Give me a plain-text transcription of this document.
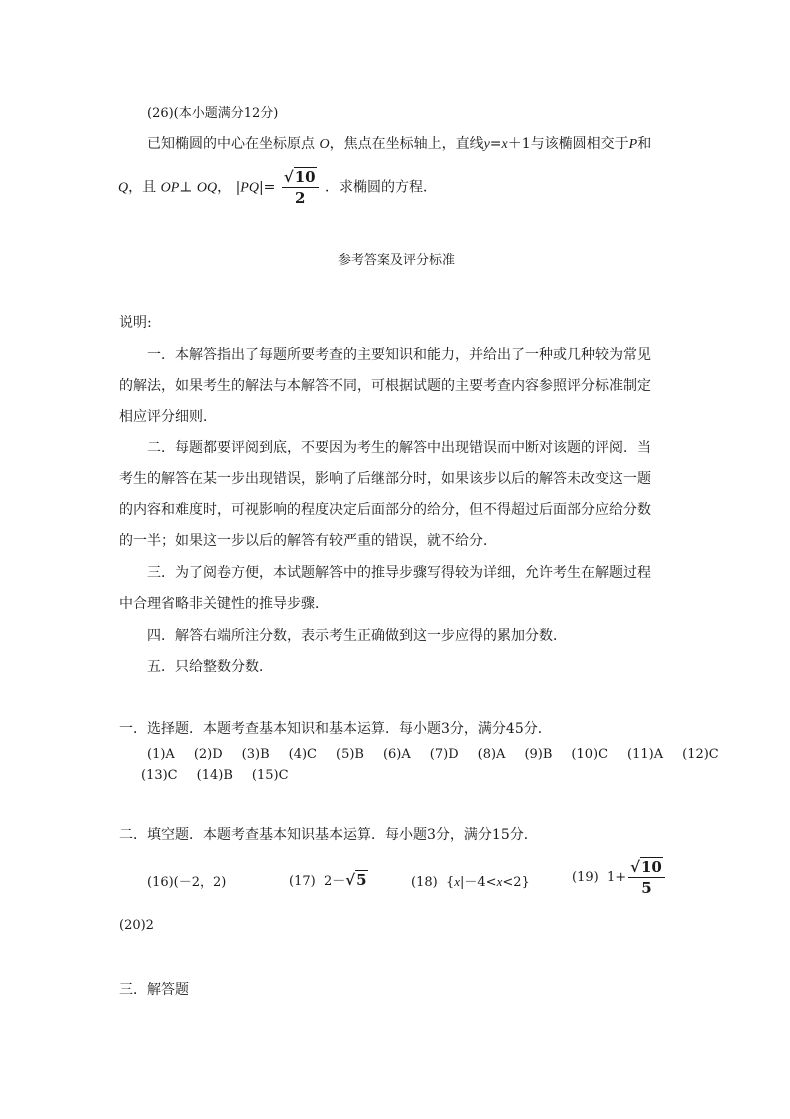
(26)(本小题满分12分)
已知椭圆的中心在坐标原点 O，焦点在坐标轴上，直线y=x＋1与该椭圆相交于P和
Q，且 OP⊥ OQ， $|PQ|= \frac{√10}{2}$ ．求椭圆的方程．
参考答案及评分标准
说明:
一．本解答指出了每题所要考查的主要知识和能力，并给出了一种或几种较为常见
的解法，如果考生的解法与本解答不同，可根据试题的主要考查内容参照评分标准制定
相应评分细则．
二．每题都要评阅到底，不要因为考生的解答中出现错误而中断对该题的评阅．当
考生的解答在某一步出现错误，影响了后继部分时，如果该步以后的解答未改变这一题
的内容和难度时，可视影响的程度决定后面部分的给分，但不得超过后面部分应给分数
的一半；如果这一步以后的解答有较严重的错误，就不给分．
三．为了阅卷方便，本试题解答中的推导步骤写得较为详细，允许考生在解题过程
中合理省略非关键性的推导步骤．
四．解答右端所注分数，表示考生正确做到这一步应得的累加分数．
五．只给整数分数．
一．选择题．本题考查基本知识和基本运算．每小题3分，满分45分．
(1)A (2)D (3)B (4)C (5)B (6)A (7)D (8)A (9)B (10)C (11)A (12)C
(13)C (14)B (15)C
二．填空题．本题考查基本知识基本运算．每小题3分，满分15分．
(16)(－2，2)	(17) 2－√5	(18) {x|－4<x<2}	(19) $1+ \frac{√10}{5}$
(20)2
三．解答题
